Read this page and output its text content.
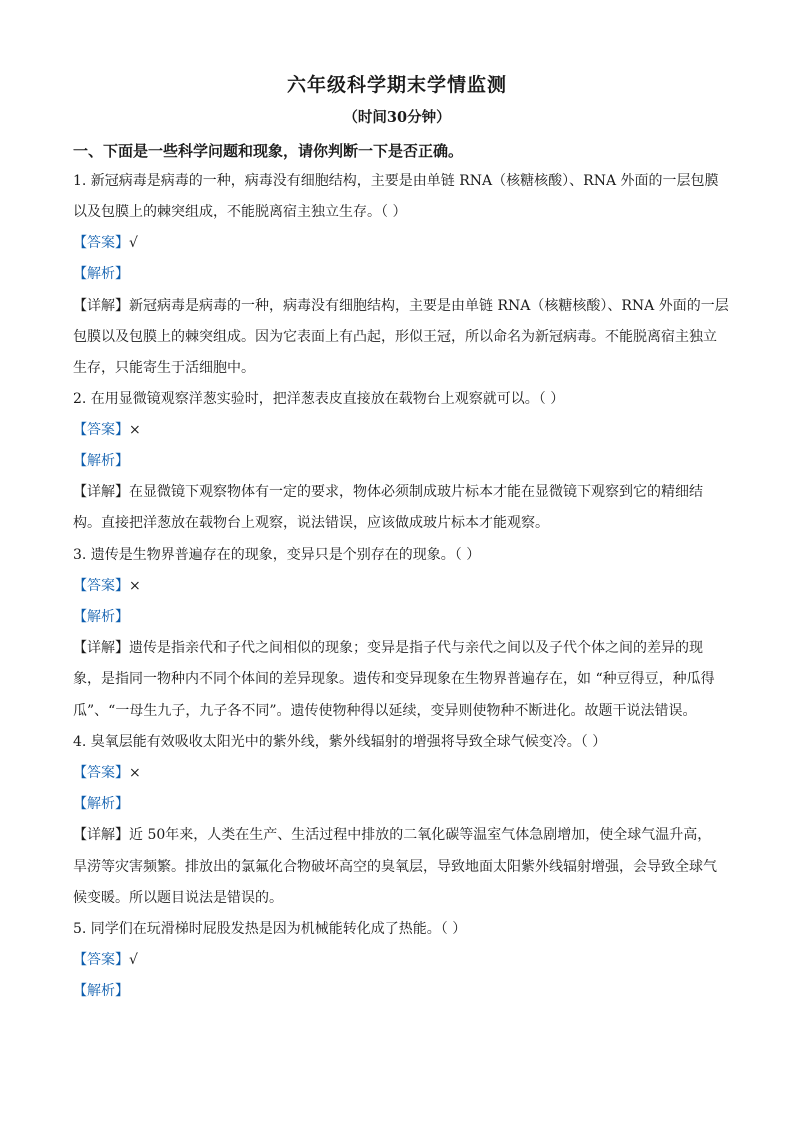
六年级科学期末学情监测
（时间30分钟）
一、下面是一些科学问题和现象，请你判断一下是否正确。
1. 新冠病毒是病毒的一种，病毒没有细胞结构，主要是由单链 RNA（核糖核酸）、RNA 外面的一层包膜
以及包膜上的棘突组成，不能脱离宿主独立生存。（ ）
【答案】√
【解析】
【详解】新冠病毒是病毒的一种，病毒没有细胞结构，主要是由单链 RNA（核糖核酸）、RNA 外面的一层
包膜以及包膜上的棘突组成。因为它表面上有凸起，形似王冠，所以命名为新冠病毒。不能脱离宿主独立
生存，只能寄生于活细胞中。
2. 在用显微镜观察洋葱实验时，把洋葱表皮直接放在载物台上观察就可以。（ ）
【答案】×
【解析】
【详解】在显微镜下观察物体有一定的要求，物体必须制成玻片标本才能在显微镜下观察到它的精细结
构。直接把洋葱放在载物台上观察，说法错误，应该做成玻片标本才能观察。
3. 遗传是生物界普遍存在的现象，变异只是个别存在的现象。（ ）
【答案】×
【解析】
【详解】遗传是指亲代和子代之间相似的现象；变异是指子代与亲代之间以及子代个体之间的差异的现
象，是指同一物种内不同个体间的差异现象。遗传和变异现象在生物界普遍存在，如 “种豆得豆，种瓜得
瓜”、“一母生九子，九子各不同”。遗传使物种得以延续，变异则使物种不断进化。故题干说法错误。
4. 臭氧层能有效吸收太阳光中的紫外线，紫外线辐射的增强将导致全球气候变冷。（ ）
【答案】×
【解析】
【详解】近 50年来，人类在生产、生活过程中排放的二氧化碳等温室气体急剧增加，使全球气温升高，
旱涝等灾害频繁。排放出的氯氟化合物破坏高空的臭氧层，导致地面太阳紫外线辐射增强，会导致全球气
候变暖。所以题目说法是错误的。
5. 同学们在玩滑梯时屁股发热是因为机械能转化成了热能。（ ）
【答案】√
【解析】
